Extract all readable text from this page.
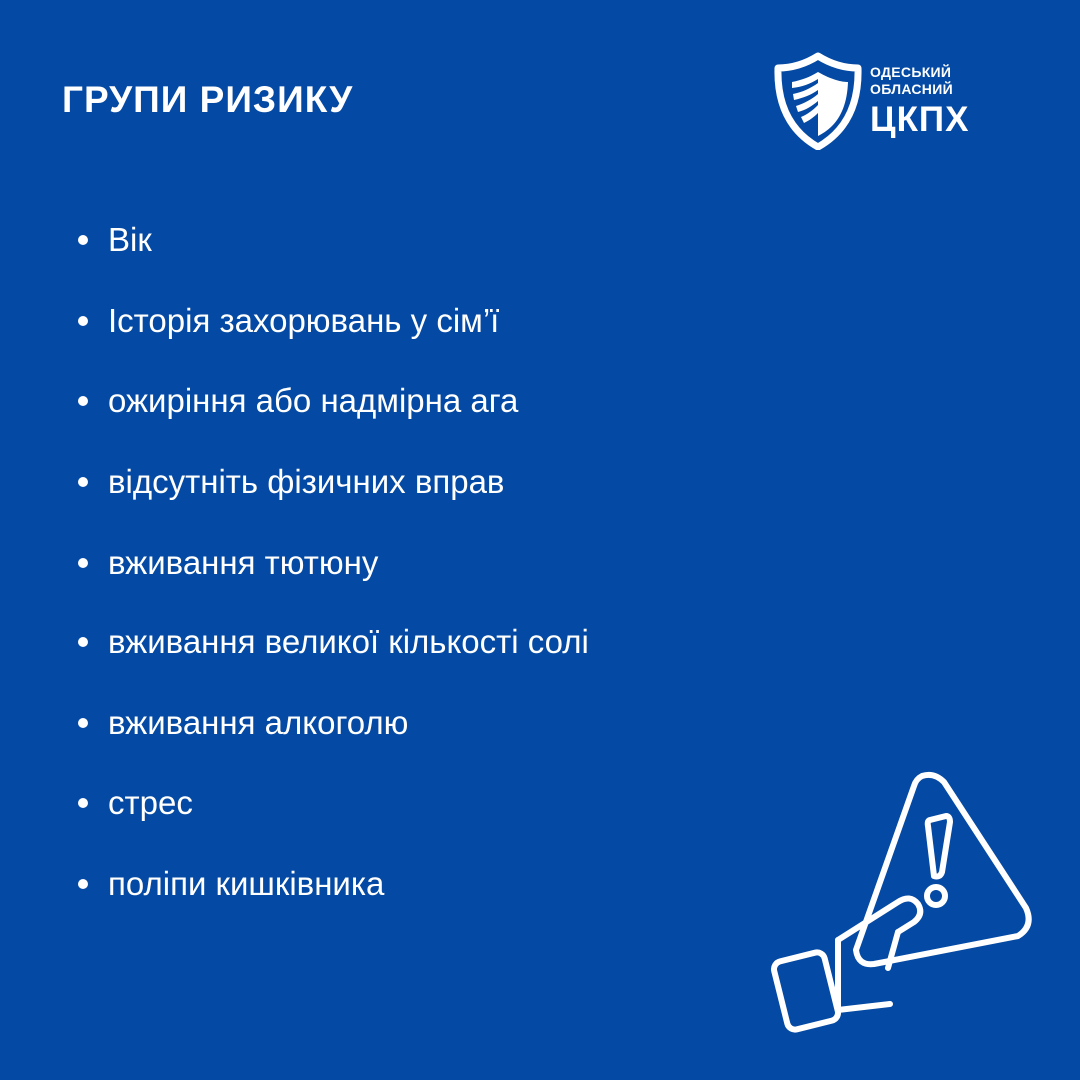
ГРУПИ РИЗИКУ
ОДЕСЬКИЙ
ОБЛАСНИЙ
ЦКПХ
Вік
Історія захорювань у сім’ї
ожиріння або надмірна ага
відсутніть фізичних вправ
вживання тютюну
вживання великої кількості солі
вживання алкоголю
стрес
поліпи кишківника
